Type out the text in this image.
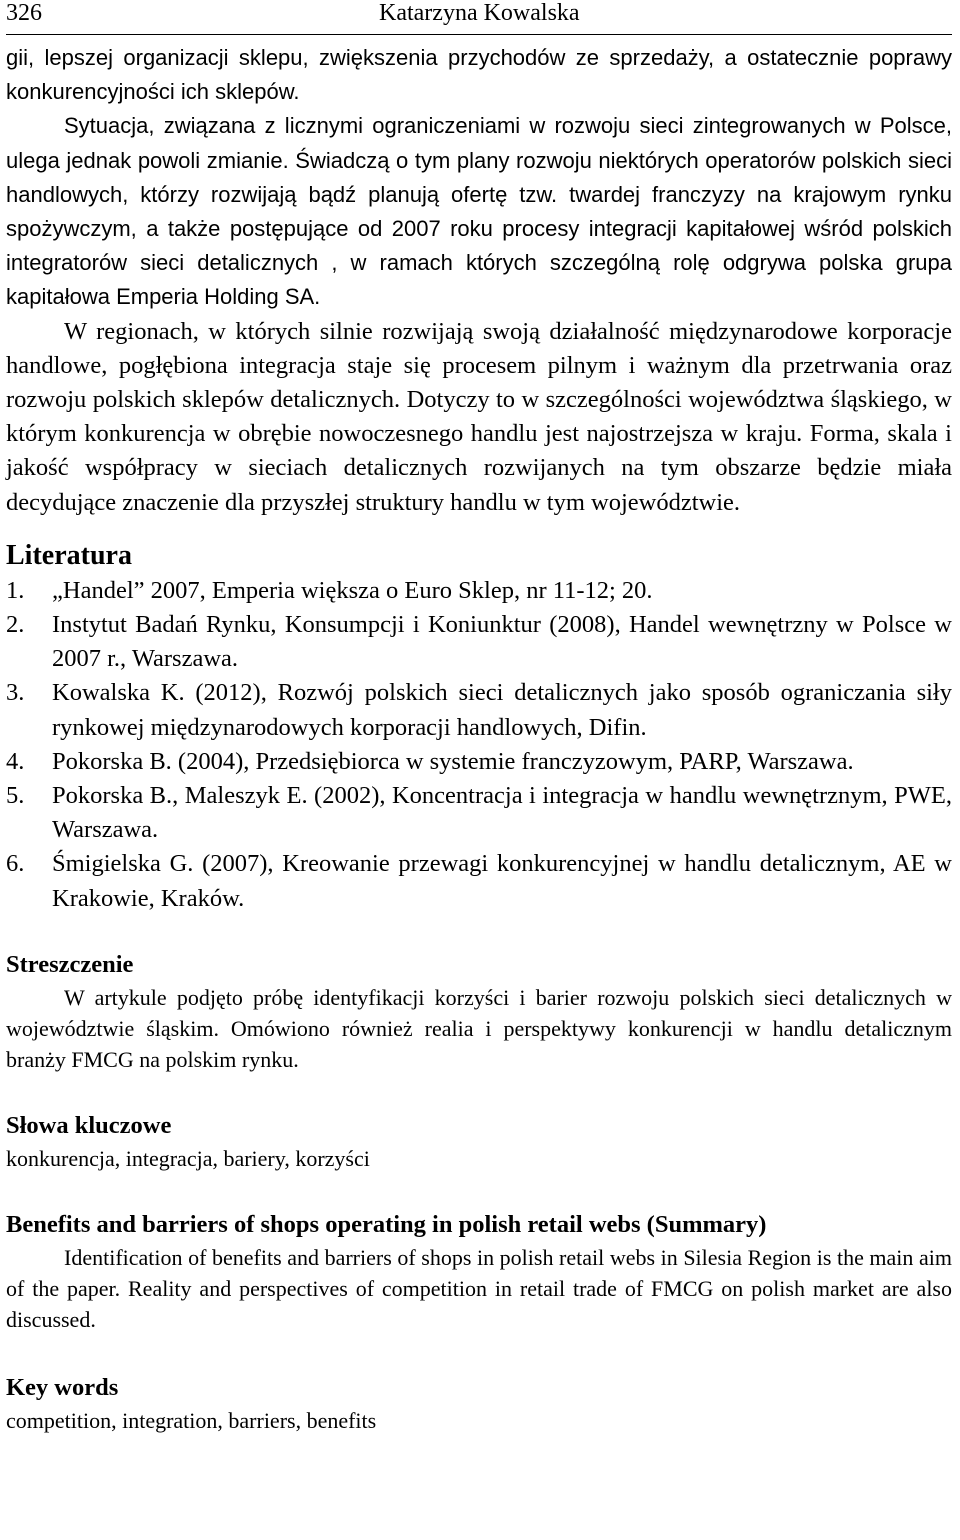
326	Katarzyna Kowalska

gii, lepszej organizacji sklepu, zwiększenia przychodów ze sprzedaży, a ostatecznie poprawy konkurencyjności ich sklepów.

Sytuacja, związana z licznymi ograniczeniami w rozwoju sieci zintegrowanych w Polsce, ulega jednak powoli zmianie. Świadczą o tym plany rozwoju niektórych operatorów polskich sieci handlowych, którzy rozwijają bądź planują ofertę tzw. twardej franczyzy na krajowym rynku spożywczym, a także postępujące od 2007 roku procesy integracji kapitałowej wśród polskich integratorów sieci detalicznych , w ramach których szczególną rolę odgrywa polska grupa kapitałowa Emperia Holding SA.

W regionach, w których silnie rozwijają swoją działalność międzynarodowe korporacje handlowe, pogłębiona integracja staje się procesem pilnym i ważnym dla przetrwania oraz rozwoju polskich sklepów detalicznych. Dotyczy to w szczególności województwa śląskiego, w którym konkurencja w obrębie nowoczesnego handlu jest najostrzejsza w kraju. Forma, skala i jakość współpracy w sieciach detalicznych rozwijanych na tym obszarze będzie miała decydujące znaczenie dla przyszłej struktury handlu w tym województwie.

Literatura
1. „Handel” 2007, Emperia większa o Euro Sklep, nr 11-12; 20.
2. Instytut Badań Rynku, Konsumpcji i Koniunktur (2008), Handel wewnętrzny w Polsce w 2007 r., Warszawa.
3. Kowalska K. (2012), Rozwój polskich sieci detalicznych jako sposób ograniczania siły rynkowej międzynarodowych korporacji handlowych, Difin.
4. Pokorska B. (2004), Przedsiębiorca w systemie franczyzowym, PARP, Warszawa.
5. Pokorska B., Maleszyk E. (2002), Koncentracja i integracja w handlu wewnętrznym, PWE, Warszawa.
6. Śmigielska G. (2007), Kreowanie przewagi konkurencyjnej w handlu detalicznym, AE w Krakowie, Kraków.
Streszczenie

W artykule podjęto próbę identyfikacji korzyści i barier rozwoju polskich sieci detalicznych w województwie śląskim. Omówiono również realia i perspektywy konkurencji w handlu detalicznym branży FMCG na polskim rynku.

Słowa kluczowe

konkurencja, integracja, bariery, korzyści

Benefits and barriers of shops operating in polish retail webs (Summary)

Identification of benefits and barriers of shops in polish retail webs in Silesia Region is the main aim of the paper. Reality and perspectives of competition in retail trade of FMCG on polish market are also discussed.

Key words

competition, integration, barriers, benefits
